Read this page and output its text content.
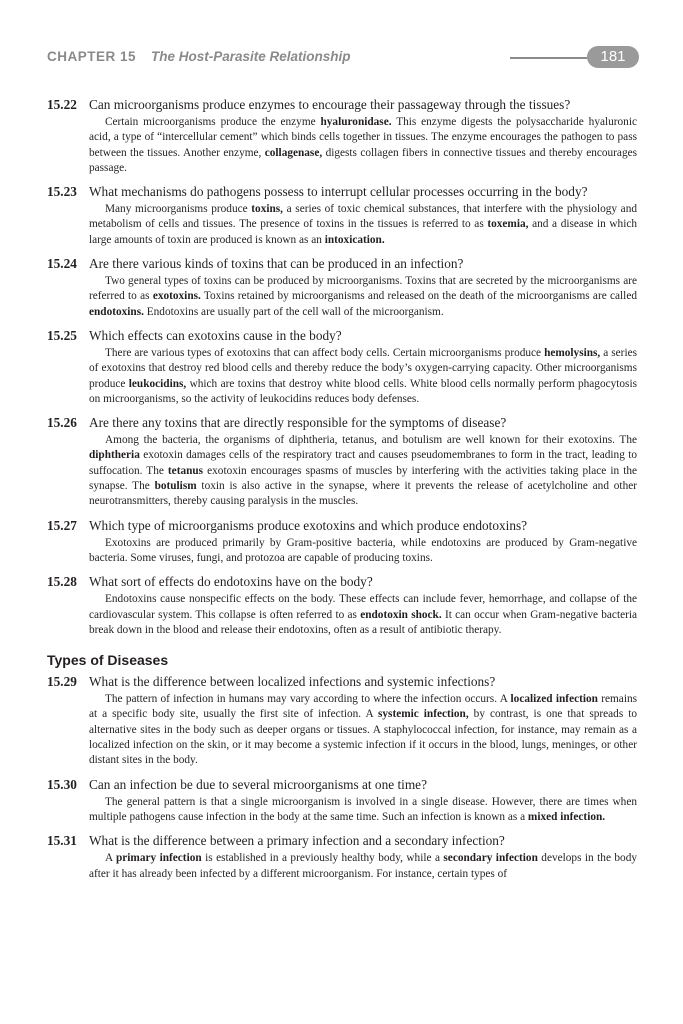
CHAPTER 15 The Host-Parasite Relationship	181
15.22 Can microorganisms produce enzymes to encourage their passageway through the tissues?
Certain microorganisms produce the enzyme hyaluronidase. This enzyme digests the polysaccharide hyaluronic acid, a type of “intercellular cement” which binds cells together in tissues. The enzyme encourages the pathogen to pass between the tissues. Another enzyme, collagenase, digests collagen fibers in connective tissues and thereby encourages passage.
15.23 What mechanisms do pathogens possess to interrupt cellular processes occurring in the body?
Many microorganisms produce toxins, a series of toxic chemical substances, that interfere with the physiology and metabolism of cells and tissues. The presence of toxins in the tissues is referred to as toxemia, and a disease in which large amounts of toxin are produced is known as an intoxication.
15.24 Are there various kinds of toxins that can be produced in an infection?
Two general types of toxins can be produced by microorganisms. Toxins that are secreted by the microorganisms are referred to as exotoxins. Toxins retained by microorganisms and released on the death of the microorganisms are called endotoxins. Endotoxins are usually part of the cell wall of the microorganism.
15.25 Which effects can exotoxins cause in the body?
There are various types of exotoxins that can affect body cells. Certain microorganisms produce hemolysins, a series of exotoxins that destroy red blood cells and thereby reduce the body’s oxygen-carrying capacity. Other microorganisms produce leukocidins, which are toxins that destroy white blood cells. White blood cells normally perform phagocytosis on microorganisms, so the activity of leukocidins reduces body defenses.
15.26 Are there any toxins that are directly responsible for the symptoms of disease?
Among the bacteria, the organisms of diphtheria, tetanus, and botulism are well known for their exotoxins. The diphtheria exotoxin damages cells of the respiratory tract and causes pseudomembranes to form in the tract, leading to suffocation. The tetanus exotoxin encourages spasms of muscles by interfering with the activities taking place in the synapse. The botulism toxin is also active in the synapse, where it prevents the release of acetylcholine and other neurotransmitters, thereby causing paralysis in the muscles.
15.27 Which type of microorganisms produce exotoxins and which produce endotoxins?
Exotoxins are produced primarily by Gram-positive bacteria, while endotoxins are produced by Gram-negative bacteria. Some viruses, fungi, and protozoa are capable of producing toxins.
15.28 What sort of effects do endotoxins have on the body?
Endotoxins cause nonspecific effects on the body. These effects can include fever, hemorrhage, and collapse of the cardiovascular system. This collapse is often referred to as endotoxin shock. It can occur when Gram-negative bacteria break down in the blood and release their endotoxins, often as a result of antibiotic therapy.
Types of Diseases
15.29 What is the difference between localized infections and systemic infections?
The pattern of infection in humans may vary according to where the infection occurs. A localized infection remains at a specific body site, usually the first site of infection. A systemic infection, by contrast, is one that spreads to alternative sites in the body such as deeper organs or tissues. A staphylococcal infection, for instance, may remain as a localized infection on the skin, or it may become a systemic infection if it occurs in the blood, lungs, meninges, or other distant sites in the body.
15.30 Can an infection be due to several microorganisms at one time?
The general pattern is that a single microorganism is involved in a single disease. However, there are times when multiple pathogens cause infection in the body at the same time. Such an infection is known as a mixed infection.
15.31 What is the difference between a primary infection and a secondary infection?
A primary infection is established in a previously healthy body, while a secondary infection develops in the body after it has already been infected by a different microorganism. For instance, certain types of
